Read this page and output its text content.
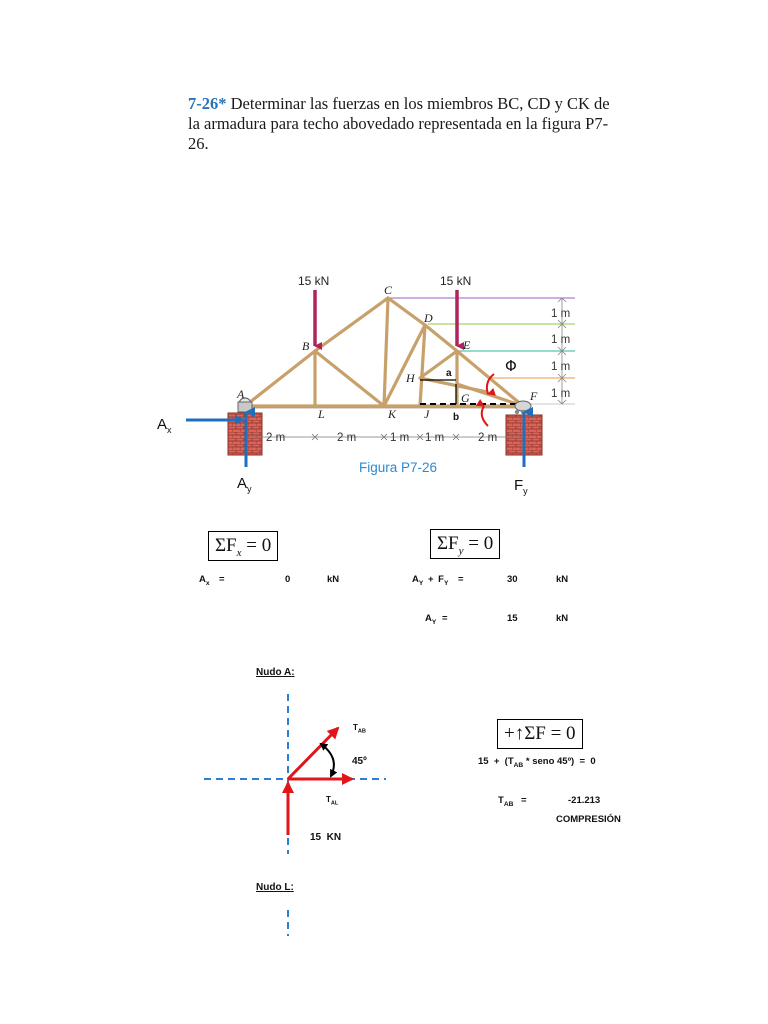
7-26* Determinar las fuerzas en los miembros BC, CD y CK de la armadura para techo abovedado representada en la figura P7-26.
2 m	2 m	1 m 1 m	2 m
1 m
1 m
1 m
1 m
15 kN	15 kN
A
B
C
D
E
F
G
H
J
K
L
Φ
a
b
$A_x$
$A_y$	$F_y$
Figura P7-26
$\Sigma F_x = 0$	$\Sigma F_y = 0$
$A_x$ =	0	kN	$A_Y + F_Y$ =	30	kN
$A_Y$ =	15	kN
Nudo A:
$T_{AB}$
45º
$T_{AL}$
15  KN
+↑ΣF = 0
$15 + (T_{AB}$ * seno 45º)  =  0
$T_{AB}$ =	-21.213
COMPRESIÓN
Nudo L:
